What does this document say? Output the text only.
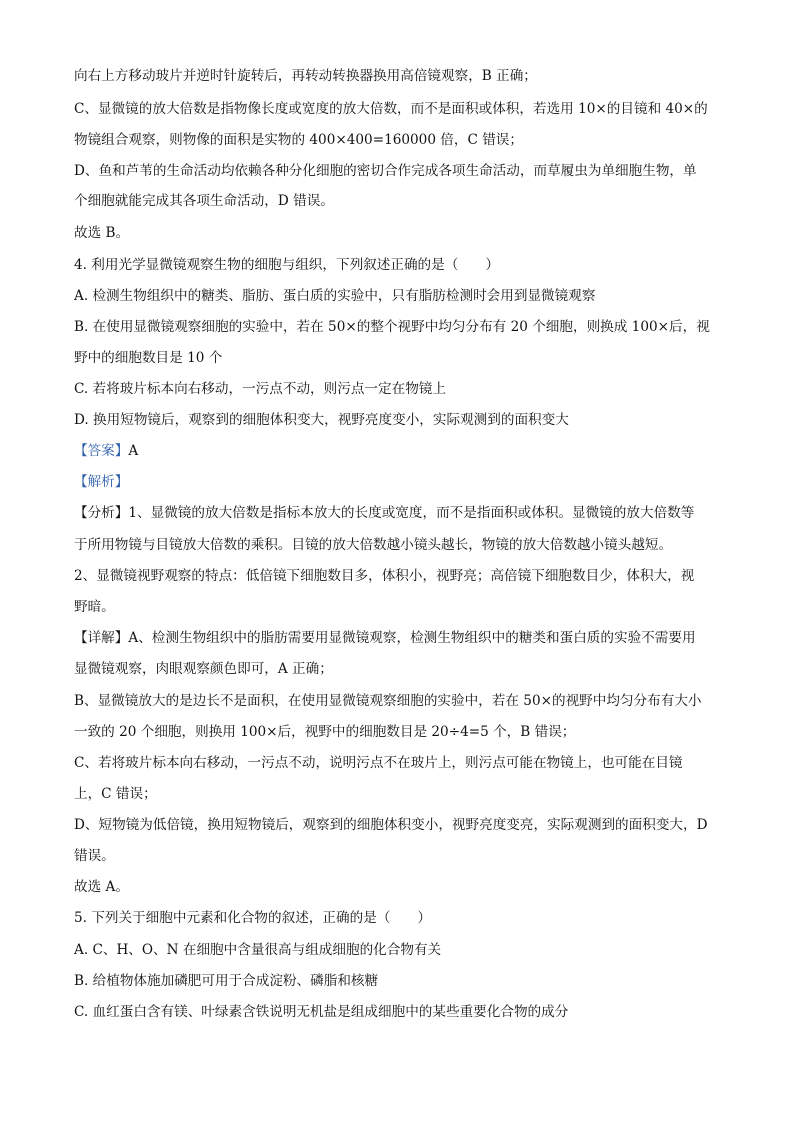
向右上方移动玻片并逆时针旋转后，再转动转换器换用高倍镜观察，B 正确；
C、显微镜的放大倍数是指物像长度或宽度的放大倍数，而不是面积或体积，若选用 10×的目镜和 40×的
物镜组合观察，则物像的面积是实物的 400×400=160000 倍，C 错误；
D、鱼和芦苇的生命活动均依赖各种分化细胞的密切合作完成各项生命活动，而草履虫为单细胞生物，单
个细胞就能完成其各项生命活动，D 错误。
故选 B。
4. 利用光学显微镜观察生物的细胞与组织，下列叙述正确的是（　　）
A. 检测生物组织中的糖类、脂肪、蛋白质的实验中，只有脂肪检测时会用到显微镜观察
B. 在使用显微镜观察细胞的实验中，若在 50×的整个视野中均匀分布有 20 个细胞，则换成 100×后，视
野中的细胞数目是 10 个
C. 若将玻片标本向右移动，一污点不动，则污点一定在物镜上
D. 换用短物镜后，观察到的细胞体积变大，视野亮度变小，实际观测到的面积变大
【答案】A
【解析】
【分析】1、显微镜的放大倍数是指标本放大的长度或宽度，而不是指面积或体积。显微镜的放大倍数等
于所用物镜与目镜放大倍数的乘积。目镜的放大倍数越小镜头越长，物镜的放大倍数越小镜头越短。
2、显微镜视野观察的特点：低倍镜下细胞数目多，体积小，视野亮；高倍镜下细胞数目少，体积大，视
野暗。
【详解】A、检测生物组织中的脂肪需要用显微镜观察，检测生物组织中的糖类和蛋白质的实验不需要用
显微镜观察，肉眼观察颜色即可，A 正确；
B、显微镜放大的是边长不是面积，在使用显微镜观察细胞的实验中，若在 50×的视野中均匀分布有大小
一致的 20 个细胞，则换用 100×后，视野中的细胞数目是 20÷4=5 个，B 错误；
C、若将玻片标本向右移动，一污点不动，说明污点不在玻片上，则污点可能在物镜上，也可能在目镜
上，C 错误；
D、短物镜为低倍镜，换用短物镜后，观察到的细胞体积变小，视野亮度变亮，实际观测到的面积变大，D
错误。
故选 A。
5. 下列关于细胞中元素和化合物的叙述，正确的是（　　）
A. C、H、O、N 在细胞中含量很高与组成细胞的化合物有关
B. 给植物体施加磷肥可用于合成淀粉、磷脂和核糖
C. 血红蛋白含有镁、叶绿素含铁说明无机盐是组成细胞中的某些重要化合物的成分
